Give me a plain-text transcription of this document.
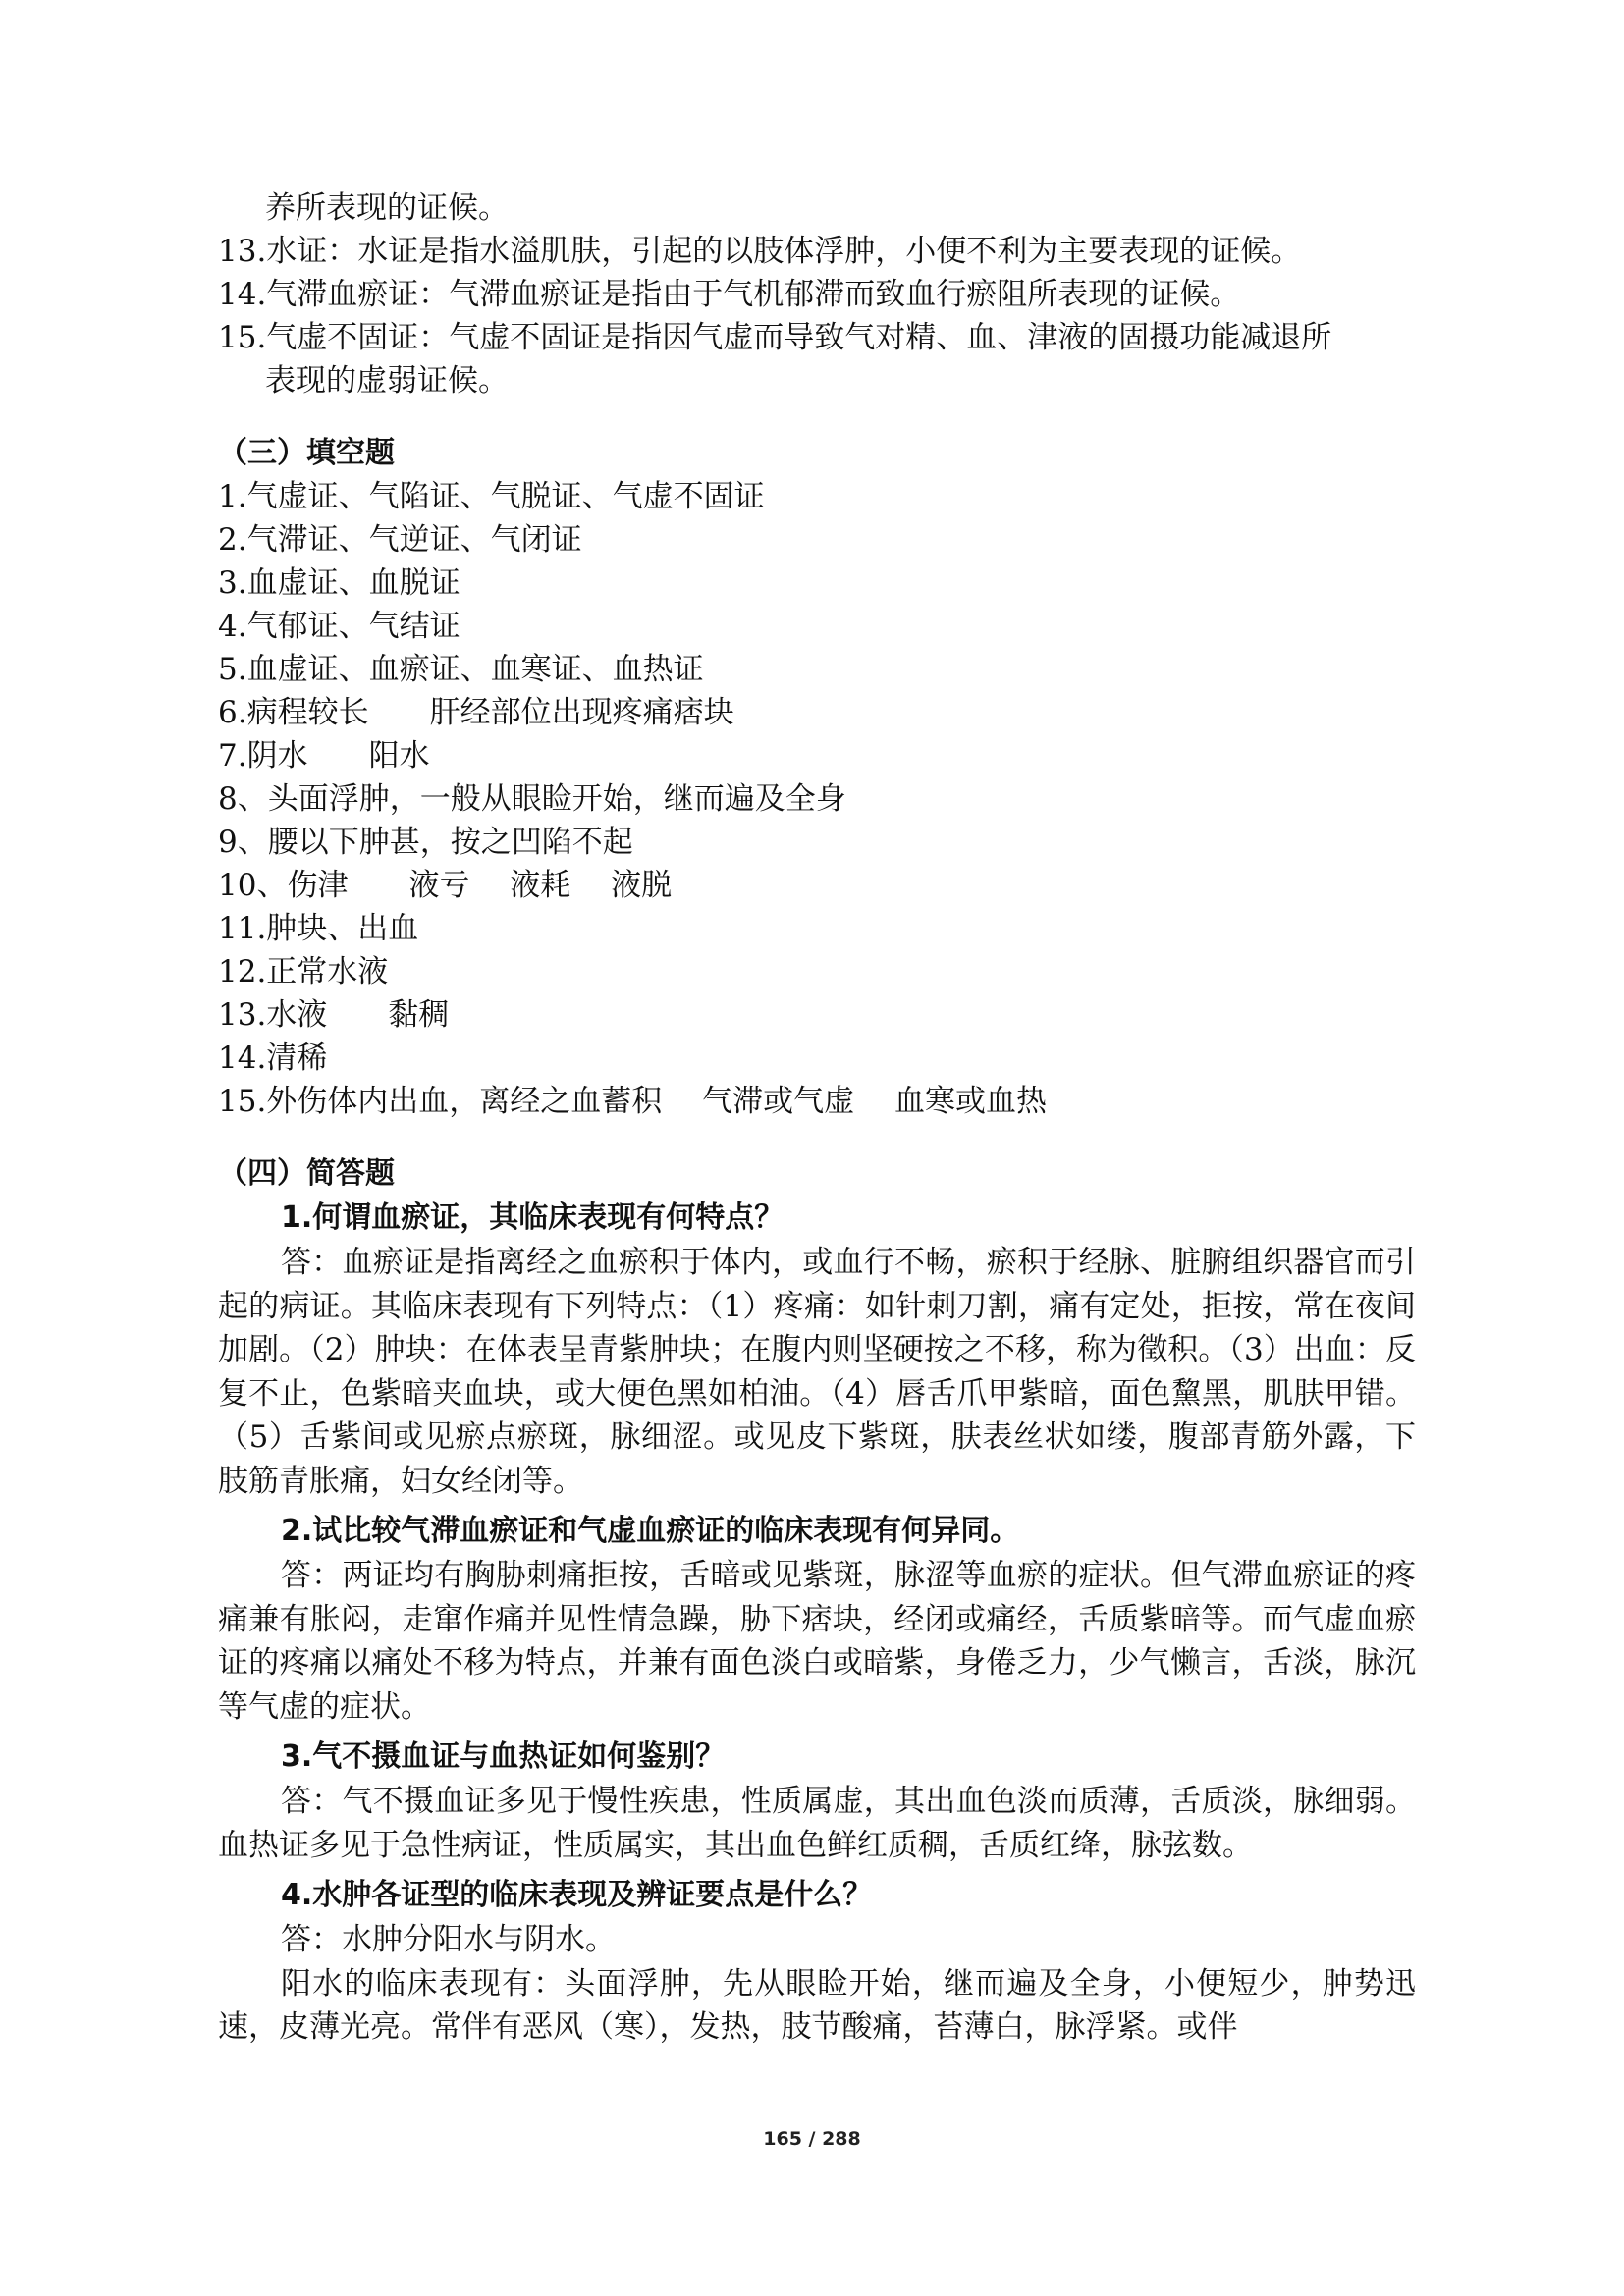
养所表现的证候。
13.水证：水证是指水溢肌肤，引起的以肢体浮肿，小便不利为主要表现的证候。
14.气滞血瘀证：气滞血瘀证是指由于气机郁滞而致血行瘀阻所表现的证候。
15.气虚不固证：气虚不固证是指因气虚而导致气对精、血、津液的固摄功能减退所
表现的虚弱证候。
（三）填空题
1.气虚证、气陷证、气脱证、气虚不固证
2.气滞证、气逆证、气闭证
3.血虚证、血脱证
4.气郁证、气结证
5.血虚证、血瘀证、血寒证、血热证
6.病程较长　　肝经部位出现疼痛痞块
7.阴水　　阳水
8、头面浮肿，一般从眼睑开始，继而遍及全身
9、腰以下肿甚，按之凹陷不起
10、伤津　　液亏　 液耗　 液脱
11.肿块、出血
12.正常水液
13.水液　　黏稠
14.清稀
15.外伤体内出血，离经之血蓄积　 气滞或气虚　 血寒或血热
（四）简答题
1.何谓血瘀证，其临床表现有何特点？

答：血瘀证是指离经之血瘀积于体内，或血行不畅，瘀积于经脉、脏腑组织器官而引起的病证。其临床表现有下列特点：（1）疼痛：如针刺刀割，痛有定处，拒按，常在夜间加剧。（2）肿块：在体表呈青紫肿块；在腹内则坚硬按之不移，称为徵积。（3）出血：反复不止，色紫暗夹血块，或大便色黑如柏油。（4）唇舌爪甲紫暗，面色黧黑，肌肤甲错。（5）舌紫间或见瘀点瘀斑，脉细涩。或见皮下紫斑，肤表丝状如缕，腹部青筋外露，下肢筋青胀痛，妇女经闭等。

2.试比较气滞血瘀证和气虚血瘀证的临床表现有何异同。

答：两证均有胸胁刺痛拒按，舌暗或见紫斑，脉涩等血瘀的症状。但气滞血瘀证的疼痛兼有胀闷，走窜作痛并见性情急躁，胁下痞块，经闭或痛经，舌质紫暗等。而气虚血瘀证的疼痛以痛处不移为特点，并兼有面色淡白或暗紫，身倦乏力，少气懒言，舌淡，脉沉等气虚的症状。

3.气不摄血证与血热证如何鉴别？

答：气不摄血证多见于慢性疾患，性质属虚，其出血色淡而质薄，舌质淡，脉细弱。血热证多见于急性病证，性质属实，其出血色鲜红质稠，舌质红绛，脉弦数。

4.水肿各证型的临床表现及辨证要点是什么？

答：水肿分阳水与阴水。

阳水的临床表现有：头面浮肿，先从眼睑开始，继而遍及全身，小便短少，肿势迅速，皮薄光亮。常伴有恶风（寒），发热，肢节酸痛，苔薄白，脉浮紧。或伴

165 / 288
